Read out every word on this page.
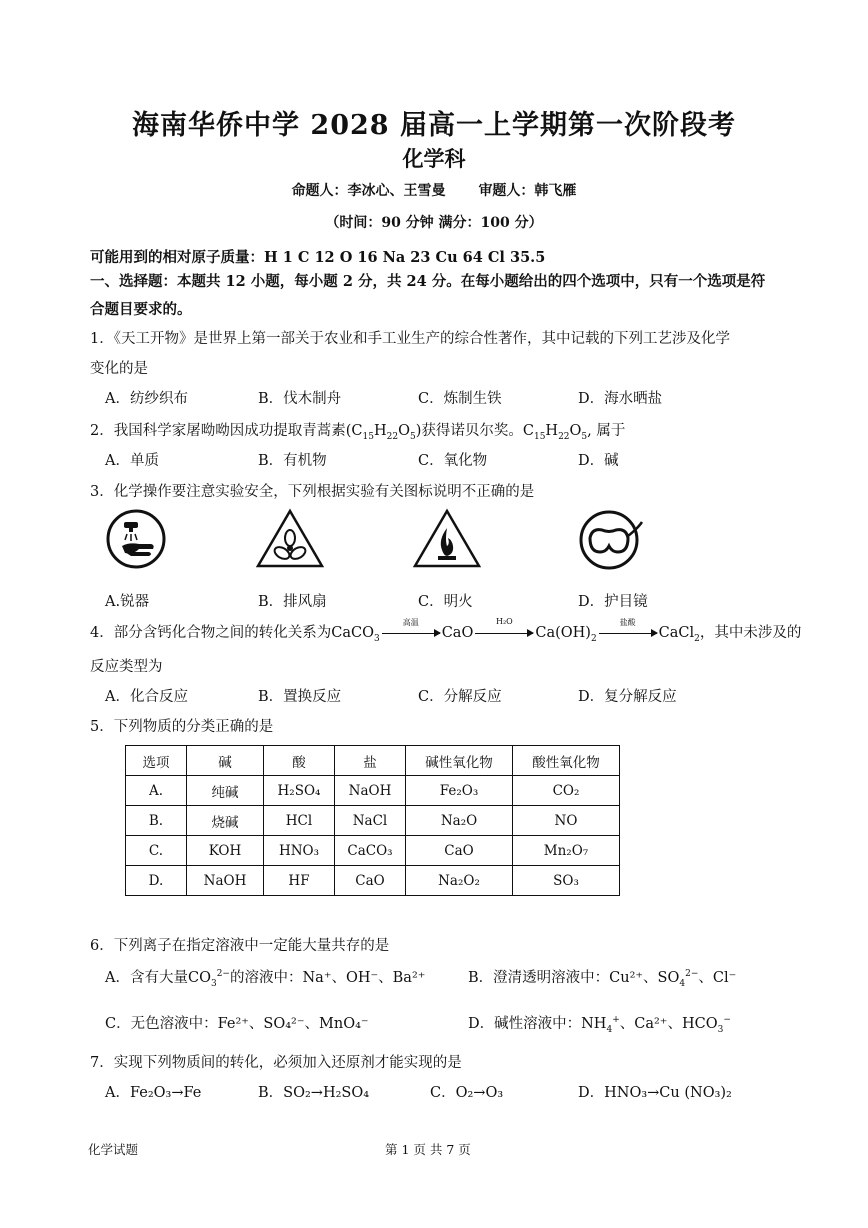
海南华侨中学 2028 届高一上学期第一次阶段考
化学科
命题人：李冰心、王雪曼 审题人：韩飞雁
（时间：90 分钟 满分：100 分）
可能用到的相对原子质量：H 1 C 12 O 16 Na 23 Cu 64 Cl 35.5
一、选择题：本题共 12 小题，每小题 2 分，共 24 分。在每小题给出的四个选项中，只有一个选项是符
合题目要求的。
1．《天工开物》是世界上第一部关于农业和手工业生产的综合性著作，其中记载的下列工艺涉及化学
变化的是
A．纺纱织布	B．伐木制舟	C．炼制生铁	D．海水晒盐
2．我国科学家屠呦呦因成功提取青蒿素$(C_{15}H_{22}O_5)$获得诺贝尔奖。$C_{15}H_{22}O_5$, 属于
A．单质	B．有机物	C．氧化物	D．碱
3．化学操作要注意实验安全，下列根据实验有关图标说明不正确的是
A.锐器	B．排风扇	C．明火	D．护目镜
4．部分含钙化合物之间的转化关系为CaCO$_3$
高温
CaO
H₂O
$Ca(OH)_2$
盐酸
CaCl$_2$，其中未涉及的
反应类型为
A．化合反应	B．置换反应	C．分解反应	D．复分解反应
5．下列物质的分类正确的是
选项	碱	酸	盐	碱性氧化物	酸性氧化物
A.	纯碱	H₂SO₄	NaOH	Fe₂O₃	CO₂
B.	烧碱	HCl	NaCl	Na₂O	NO
C.	KOH	HNO₃	CaCO₃	CaO	Mn₂O₇
D.	NaOH	HF	CaO	Na₂O₂	SO₃
6．下列离子在指定溶液中一定能大量共存的是
A．含有大量$CO_3^{2-}$的溶液中：Na⁺、OH⁻、Ba²⁺	B．澄清透明溶液中：Cu²⁺、$SO_4^{2-}$、Cl⁻
C．无色溶液中：Fe²⁺、SO₄²⁻、MnO₄⁻	D．碱性溶液中：$NH_4^+$、Ca²⁺、$HCO_3^-$
7．实现下列物质间的转化，必须加入还原剂才能实现的是
A．Fe₂O₃→Fe	B．SO₂→H₂SO₄	C．O₂→O₃	D．HNO₃→Cu (NO₃)₂
化学试题	第 1 页 共 7 页
